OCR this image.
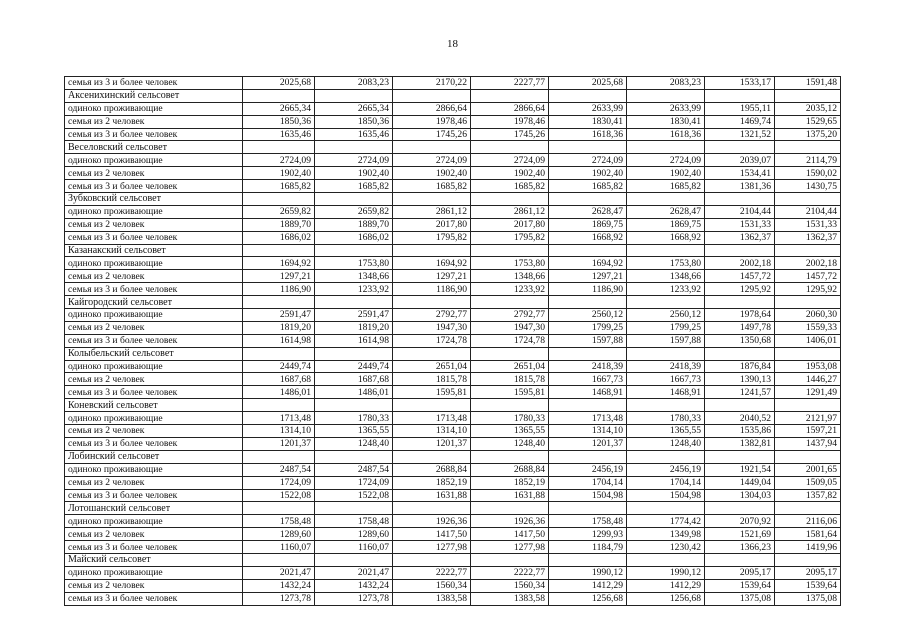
18
семья из 3 и более человек	2025,68	2083,23	2170,22	2227,77	2025,68	2083,23	1533,17	1591,48
Аксенихинский сельсовет								
одиноко проживающие	2665,34	2665,34	2866,64	2866,64	2633,99	2633,99	1955,11	2035,12
семья из 2 человек	1850,36	1850,36	1978,46	1978,46	1830,41	1830,41	1469,74	1529,65
семья из 3 и более человек	1635,46	1635,46	1745,26	1745,26	1618,36	1618,36	1321,52	1375,20
Веселовский сельсовет								
одиноко проживающие	2724,09	2724,09	2724,09	2724,09	2724,09	2724,09	2039,07	2114,79
семья из 2 человек	1902,40	1902,40	1902,40	1902,40	1902,40	1902,40	1534,41	1590,02
семья из 3 и более человек	1685,82	1685,82	1685,82	1685,82	1685,82	1685,82	1381,36	1430,75
Зубковский сельсовет								
одиноко проживающие	2659,82	2659,82	2861,12	2861,12	2628,47	2628,47	2104,44	2104,44
семья из 2 человек	1889,70	1889,70	2017,80	2017,80	1869,75	1869,75	1531,33	1531,33
семья из 3 и более человек	1686,02	1686,02	1795,82	1795,82	1668,92	1668,92	1362,37	1362,37
Казанакский сельсовет								
одиноко проживающие	1694,92	1753,80	1694,92	1753,80	1694,92	1753,80	2002,18	2002,18
семья из 2 человек	1297,21	1348,66	1297,21	1348,66	1297,21	1348,66	1457,72	1457,72
семья из 3 и более человек	1186,90	1233,92	1186,90	1233,92	1186,90	1233,92	1295,92	1295,92
Кайгородский сельсовет								
одиноко проживающие	2591,47	2591,47	2792,77	2792,77	2560,12	2560,12	1978,64	2060,30
семья из 2 человек	1819,20	1819,20	1947,30	1947,30	1799,25	1799,25	1497,78	1559,33
семья из 3 и более человек	1614,98	1614,98	1724,78	1724,78	1597,88	1597,88	1350,68	1406,01
Колыбельский сельсовет								
одиноко проживающие	2449,74	2449,74	2651,04	2651,04	2418,39	2418,39	1876,84	1953,08
семья из 2 человек	1687,68	1687,68	1815,78	1815,78	1667,73	1667,73	1390,13	1446,27
семья из 3 и более человек	1486,01	1486,01	1595,81	1595,81	1468,91	1468,91	1241,57	1291,49
Коневский сельсовет								
одиноко проживающие	1713,48	1780,33	1713,48	1780,33	1713,48	1780,33	2040,52	2121,97
семья из 2 человек	1314,10	1365,55	1314,10	1365,55	1314,10	1365,55	1535,86	1597,21
семья из 3 и более человек	1201,37	1248,40	1201,37	1248,40	1201,37	1248,40	1382,81	1437,94
Лобинский сельсовет								
одиноко проживающие	2487,54	2487,54	2688,84	2688,84	2456,19	2456,19	1921,54	2001,65
семья из 2 человек	1724,09	1724,09	1852,19	1852,19	1704,14	1704,14	1449,04	1509,05
семья из 3 и более человек	1522,08	1522,08	1631,88	1631,88	1504,98	1504,98	1304,03	1357,82
Лотошанский сельсовет								
одиноко проживающие	1758,48	1758,48	1926,36	1926,36	1758,48	1774,42	2070,92	2116,06
семья из 2 человек	1289,60	1289,60	1417,50	1417,50	1299,93	1349,98	1521,69	1581,64
семья из 3 и более человек	1160,07	1160,07	1277,98	1277,98	1184,79	1230,42	1366,23	1419,96
Майский сельсовет								
одиноко проживающие	2021,47	2021,47	2222,77	2222,77	1990,12	1990,12	2095,17	2095,17
семья из 2 человек	1432,24	1432,24	1560,34	1560,34	1412,29	1412,29	1539,64	1539,64
семья из 3 и более человек	1273,78	1273,78	1383,58	1383,58	1256,68	1256,68	1375,08	1375,08
